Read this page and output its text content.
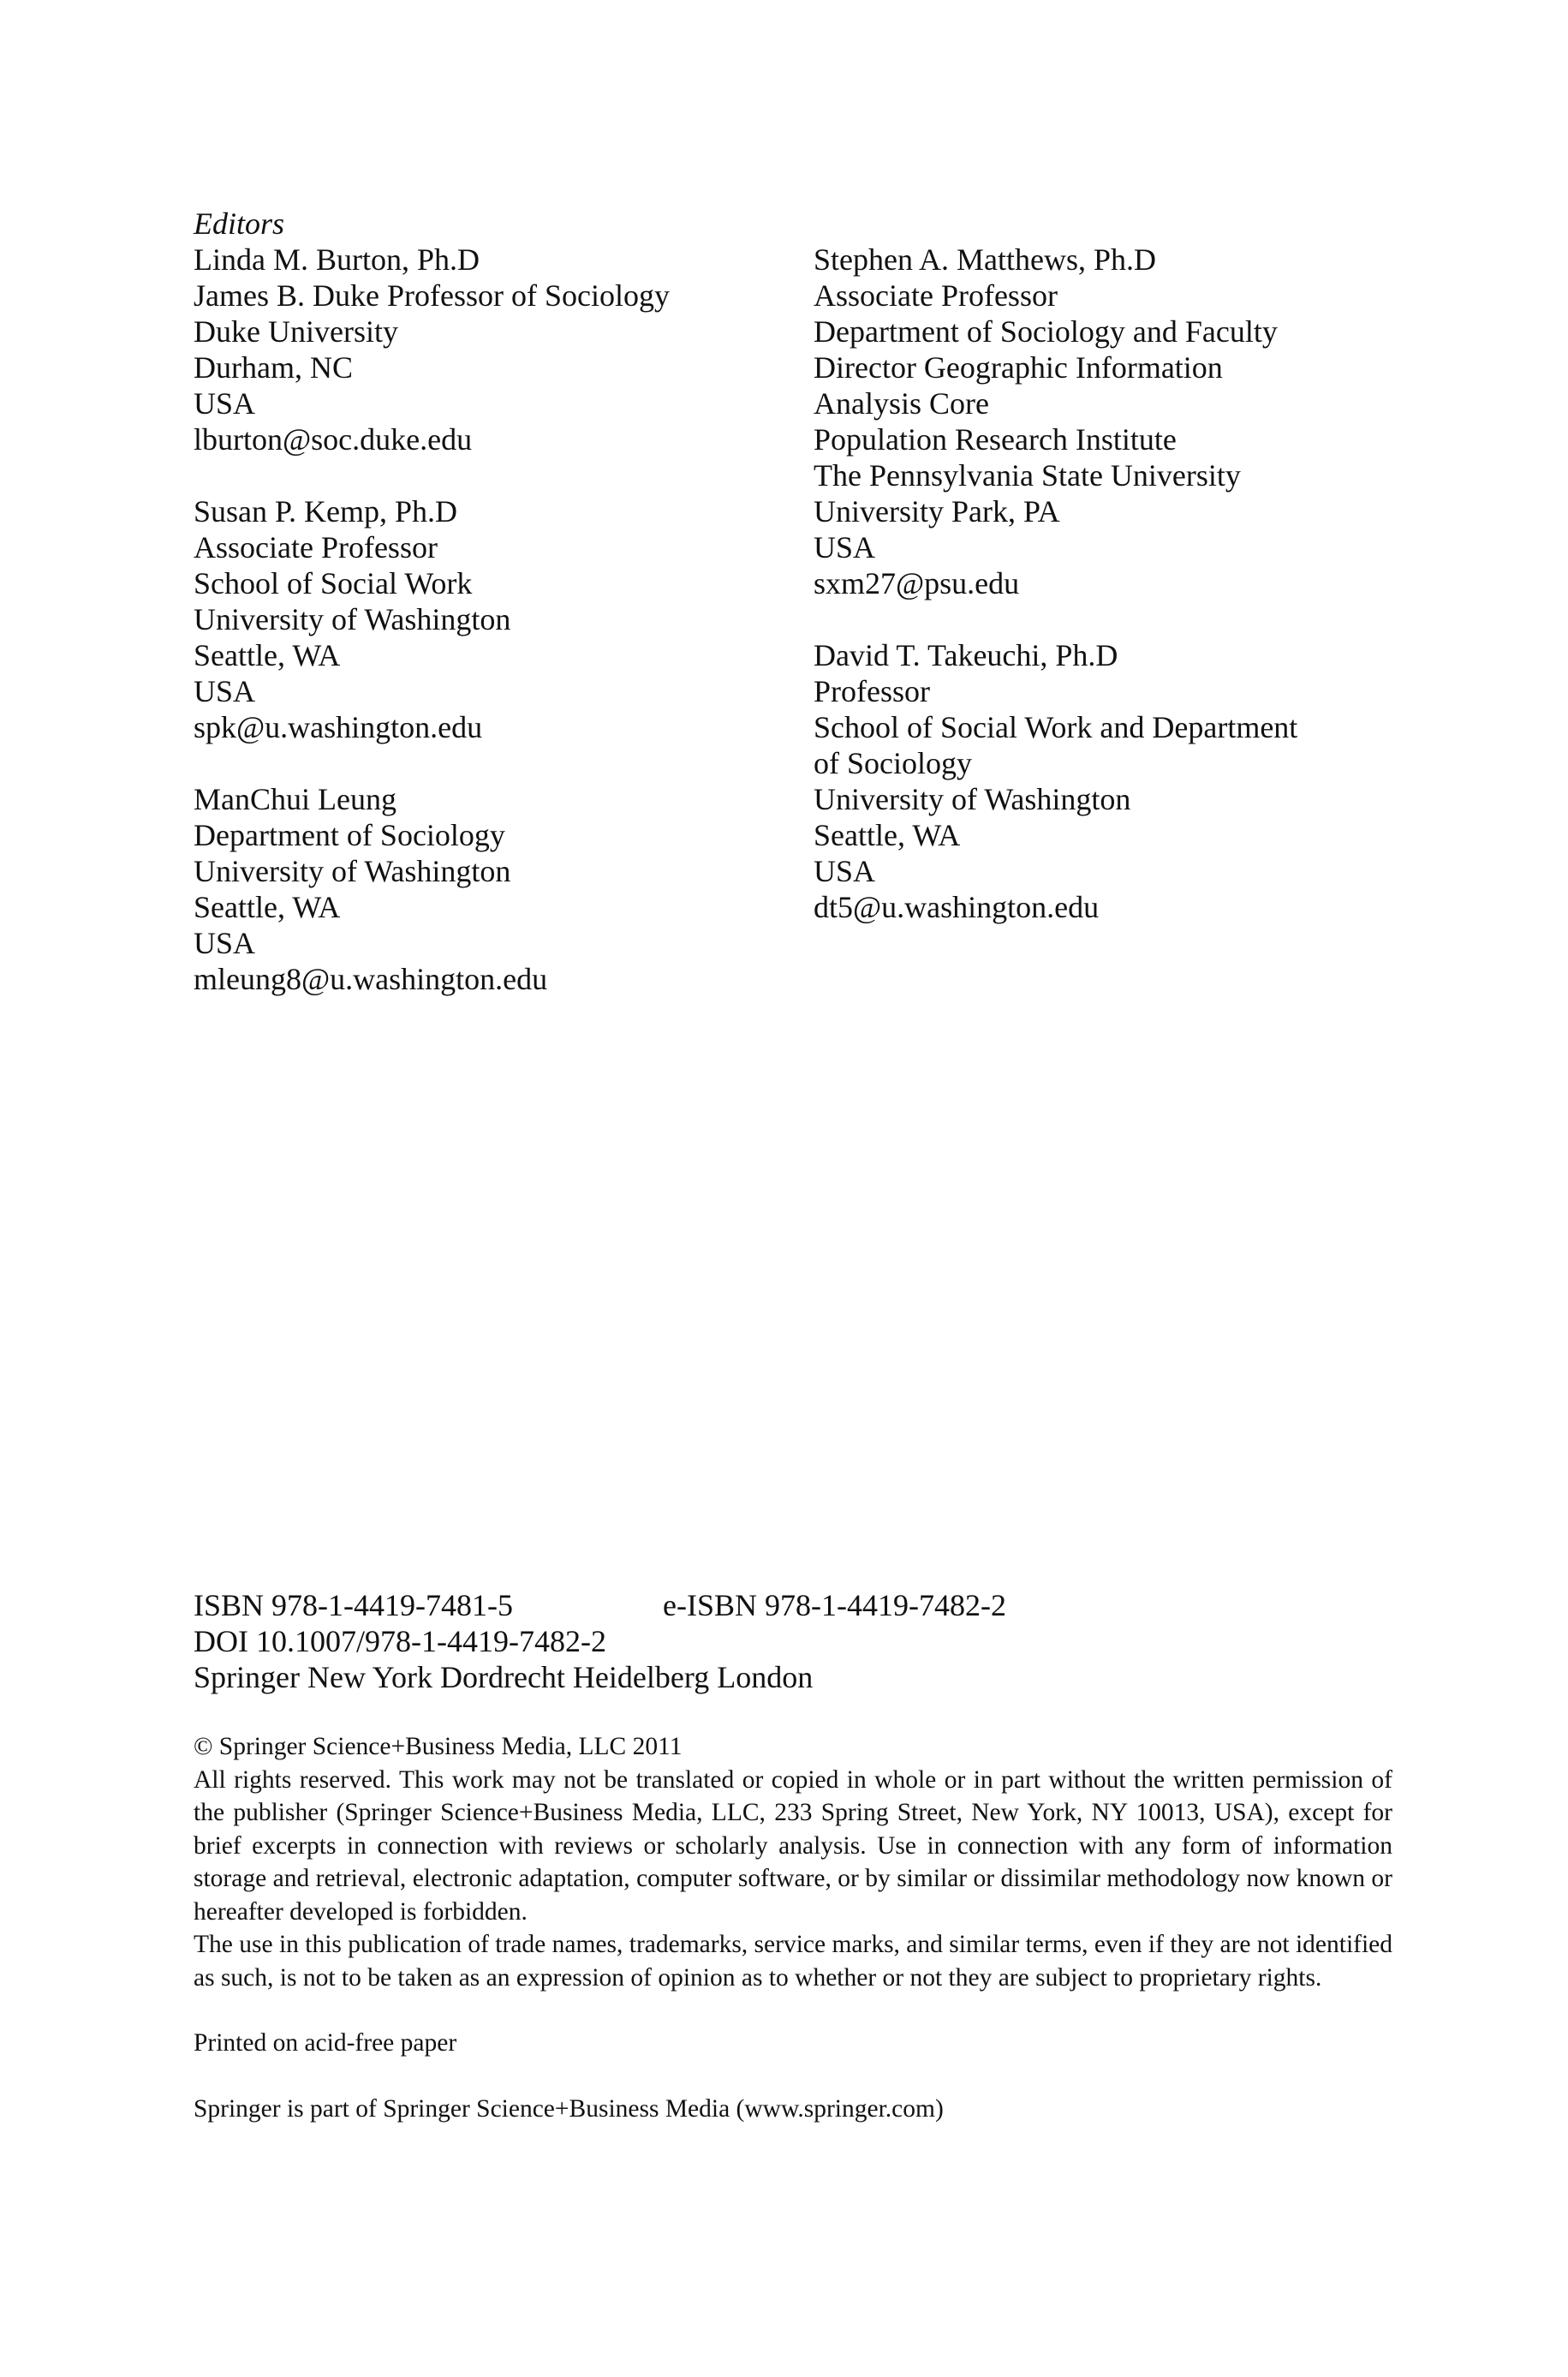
Editors
Linda M. Burton, Ph.D
James B. Duke Professor of Sociology
Duke University
Durham, NC
USA
lburton@soc.duke.edu
Susan P. Kemp, Ph.D
Associate Professor
School of Social Work
University of Washington
Seattle, WA
USA
spk@u.washington.edu
ManChui Leung
Department of Sociology
University of Washington
Seattle, WA
USA
mleung8@u.washington.edu
Stephen A. Matthews, Ph.D
Associate Professor
Department of Sociology and Faculty
Director Geographic Information
Analysis Core
Population Research Institute
The Pennsylvania State University
University Park, PA
USA
sxm27@psu.edu
David T. Takeuchi, Ph.D
Professor
School of Social Work and Department
of Sociology
University of Washington
Seattle, WA
USA
dt5@u.washington.edu
ISBN 978-1-4419-7481-5	e-ISBN 978-1-4419-7482-2
DOI 10.1007/978-1-4419-7482-2
Springer New York Dordrecht Heidelberg London

© Springer Science+Business Media, LLC 2011

All rights reserved. This work may not be translated or copied in whole or in part without the written permission of the publisher (Springer Science+Business Media, LLC, 233 Spring Street, New York, NY 10013, USA), except for brief excerpts in connection with reviews or scholarly analysis. Use in connection with any form of information storage and retrieval, electronic adaptation, computer software, or by similar or dissimilar methodology now known or hereafter developed is forbidden.

The use in this publication of trade names, trademarks, service marks, and similar terms, even if they are not identified as such, is not to be taken as an expression of opinion as to whether or not they are subject to proprietary rights.

Printed on acid-free paper

Springer is part of Springer Science+Business Media (www.springer.com)
